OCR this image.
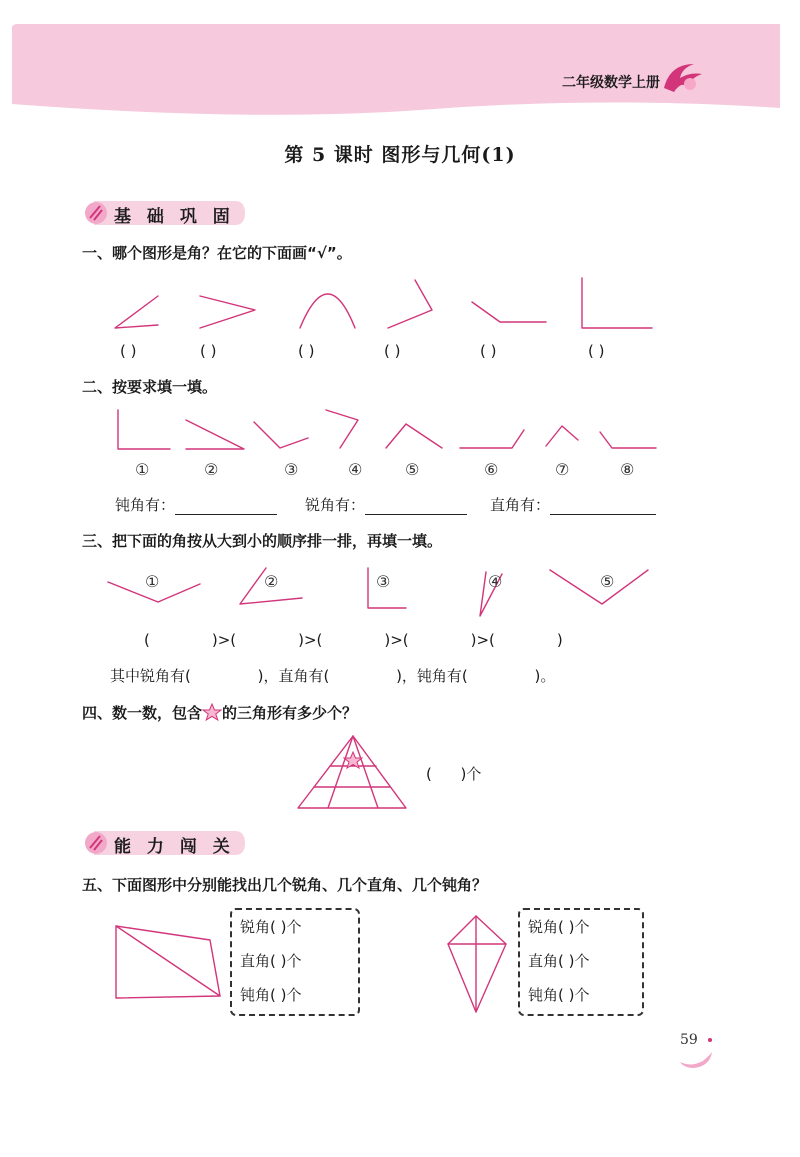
二年级数学上册
第 5 课时 图形与几何(1)
基 础 巩 固
一、哪个图形是角？在它的下面画“√”。
( )	( )	( )	( )	( )	( )
二、按要求填一填。
①	②	③	④	⑤	⑥	⑦	⑧
钝角有：	锐角有：	直角有：
三、把下面的角按从大到小的顺序排一排，再填一填。
①	②	③	④	⑤
(             )>(             )>(             )>(             )>(             )
其中锐角有(              )，直角有(              )，钝角有(              )。
四、数一数，包含 的三角形有多少个？
(      )个
能 力 闯 关
五、下面图形中分别能找出几个锐角、几个直角、几个钝角？
锐角( )个
直角( )个
钝角( )个
锐角( )个
直角( )个
钝角( )个
59
